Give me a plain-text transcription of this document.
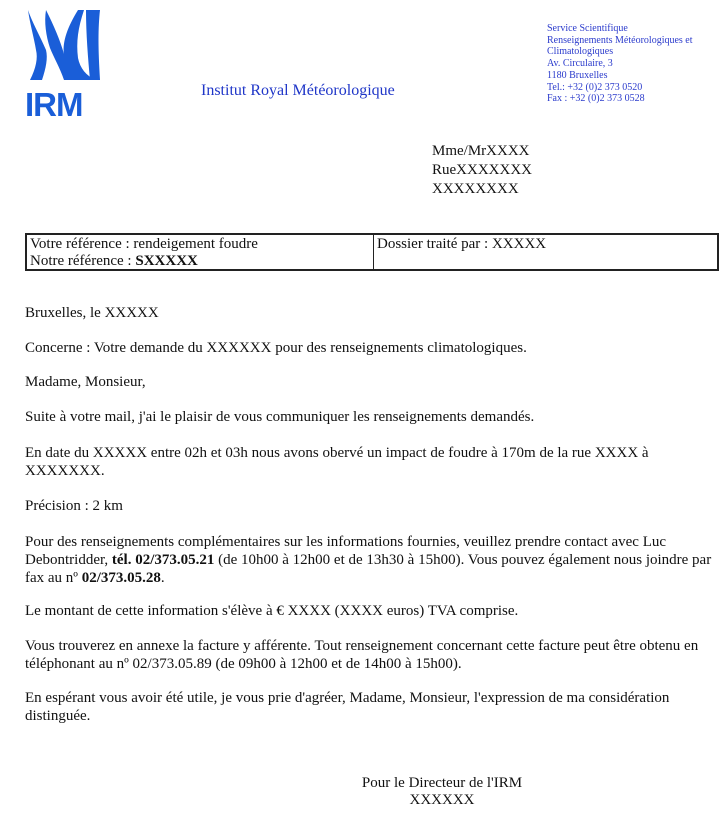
IRM	Institut Royal Météorologique
Service Scientifique
Renseignements Météorologiques et
Climatologiques
Av. Circulaire, 3
1180 Bruxelles
Tel.: +32 (0)2 373 0520
Fax : +32 (0)2 373 0528
Mme/MrXXXX
RueXXXXXXX
XXXXXXXX
Votre référence : rendeigement foudre
Notre référence : SXXXXX
Dossier traité par : XXXXX

Bruxelles, le XXXXX

Concerne : Votre demande du XXXXXX pour des renseignements climatologiques.

Madame, Monsieur,

Suite à votre mail, j'ai le plaisir de vous communiquer les renseignements demandés.

En date du XXXXX entre 02h et 03h nous avons obervé un impact de foudre à 170m de la rue XXXX à XXXXXXX.

Précision : 2 km

Pour des renseignements complémentaires sur les informations fournies, veuillez prendre contact avec Luc Debontridder, tél. 02/373.05.21 (de 10h00 à 12h00 et de 13h30 à 15h00). Vous pouvez également nous joindre par fax au nº 02/373.05.28.

Le montant de cette information s'élève à € XXXX (XXXX euros) TVA comprise.

Vous trouverez en annexe la facture y afférente. Tout renseignement concernant cette facture peut être obtenu en téléphonant au nº 02/373.05.89 (de 09h00 à 12h00 et de 14h00 à 15h00).

En espérant vous avoir été utile, je vous prie d'agréer, Madame, Monsieur, l'expression de ma considération distinguée.

Pour le Directeur de l'IRM
XXXXXX
